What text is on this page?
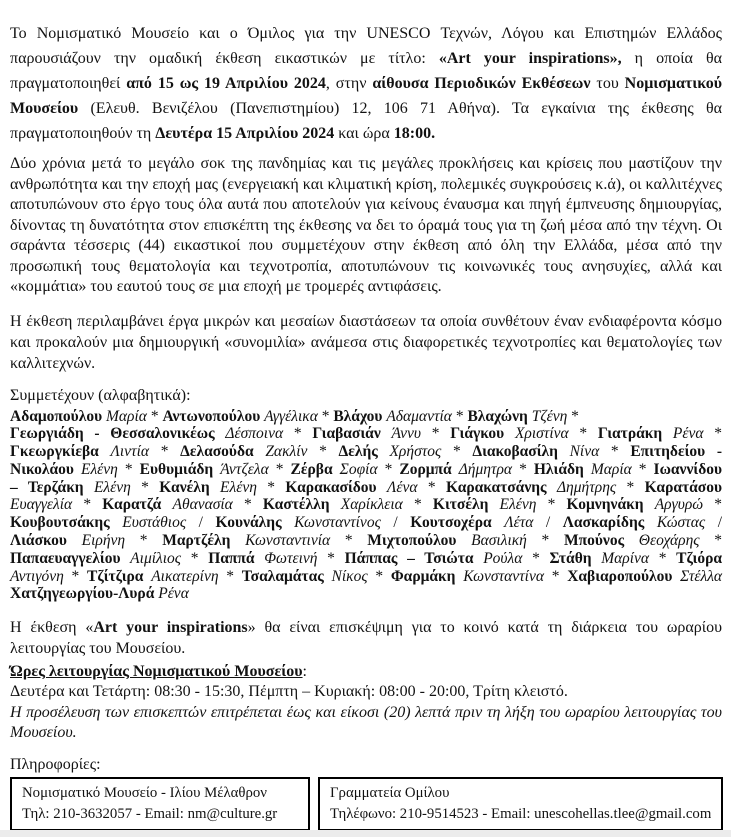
Το Νομισματικό Μουσείο και ο Όμιλος για την UNESCO Τεχνών, Λόγου και Επιστημών Ελλάδος παρουσιάζουν την ομαδική έκθεση εικαστικών με τίτλο: «Art your inspirations», η οποία θα πραγματοποιηθεί από 15 ως 19 Απριλίου 2024, στην αίθουσα Περιοδικών Εκθέσεων του Νομισματικού Μουσείου (Ελευθ. Βενιζέλου (Πανεπιστημίου) 12, 106 71 Αθήνα). Τα εγκαίνια της έκθεσης θα πραγματοποιηθούν τη Δευτέρα 15 Απριλίου 2024 και ώρα 18:00.

Δύο χρόνια μετά το μεγάλο σοκ της πανδημίας και τις μεγάλες προκλήσεις και κρίσεις που μαστίζουν την ανθρωπότητα και την εποχή μας (ενεργειακή και κλιματική κρίση, πολεμικές συγκρούσεις κ.ά), οι καλλιτέχνες αποτυπώνουν στο έργο τους όλα αυτά που αποτελούν για κείνους έναυσμα και πηγή έμπνευσης δημιουργίας, δίνοντας τη δυνατότητα στον επισκέπτη της έκθεσης να δει το όραμά τους για τη ζωή μέσα από την τέχνη. Οι σαράντα τέσσερις (44) εικαστικοί που συμμετέχουν στην έκθεση από όλη την Ελλάδα, μέσα από την προσωπική τους θεματολογία και τεχνοτροπία, αποτυπώνουν τις κοινωνικές τους ανησυχίες, αλλά και «κομμάτια» του εαυτού τους σε μια εποχή με τρομερές αντιφάσεις.

Η έκθεση περιλαμβάνει έργα μικρών και μεσαίων διαστάσεων τα οποία συνθέτουν έναν ενδιαφέροντα κόσμο και προκαλούν μια δημιουργική «συνομιλία» ανάμεσα στις διαφορετικές τεχνοτροπίες και θεματολογίες των καλλιτεχνών.

Συμμετέχουν (αλφαβητικά):

Αδαμοπούλου Μαρία * Αντωνοπούλου Αγγέλικα * Βλάχου Αδαμαντία * Βλαχώνη Τζένη *
Γεωργιάδη - Θεσσαλονικέως Δέσποινα * Γιαβασιάν Άννυ * Γιάγκου Χριστίνα * Γιατράκη Ρένα *
Γκεωργκίεβα Λιντία * Δελασούδα Ζακλίν * Δελής Χρήστος * Διακοβασίλη Νίνα * Επιτηδείου -
Νικολάου Ελένη * Ευθυμιάδη Άντζελα * Ζέρβα Σοφία * Ζορμπά Δήμητρα * Ηλιάδη Μαρία * Ιωαννίδου
– Τερζάκη Ελένη * Κανέλη Ελένη * Καρακασίδου Λένα * Καρακατσάνης Δημήτρης * Καρατάσου
Ευαγγελία * Καρατζά Αθανασία * Καστέλλη Χαρίκλεια * Κιτσέλη Ελένη * Κομνηνάκη Αργυρώ *
Κουβουτσάκης Ευστάθιος / Κουνάλης Κωνσταντίνος / Κουτσοχέρα Λέτα / Λασκαρίδης Κώστας /
Λιάσκου Ειρήνη * Μαρτζέλη Κωνσταντινία * Μιχτοπούλου Βασιλική * Μπούνος Θεοχάρης *
Παπαευαγγελίου Αιμίλιος * Παππά Φωτεινή * Πάππας – Τσιώτα Ρούλα * Στάθη Μαρίνα * Τζιόρα
Αντιγόνη * Τζίτζιρα Αικατερίνη * Τσαλαμάτας Νίκος * Φαρμάκη Κωνσταντίνα * Χαβιαροπούλου Στέλλα
Χατζηγεωργίου-Λυρά Ρένα

Η έκθεση «Art your inspirations» θα είναι επισκέψιμη για το κοινό κατά τη διάρκεια του ωραρίου λειτουργίας του Μουσείου.

Ώρες λειτουργίας Νομισματικού Μουσείου:

Δευτέρα και Τετάρτη: 08:30 - 15:30, Πέμπτη – Κυριακή: 08:00 - 20:00, Τρίτη κλειστό.

Η προσέλευση των επισκεπτών επιτρέπεται έως και είκοσι (20) λεπτά πριν τη λήξη του ωραρίου λειτουργίας του Μουσείου.

Πληροφορίες:

Νομισματικό Μουσείο - Ιλίου Μέλαθρον
Τηλ: 210-3632057 - Email: nm@culture.gr
Γραμματεία Ομίλου
Τηλέφωνο: 210-9514523 - Email: unescohellas.tlee@gmail.com
